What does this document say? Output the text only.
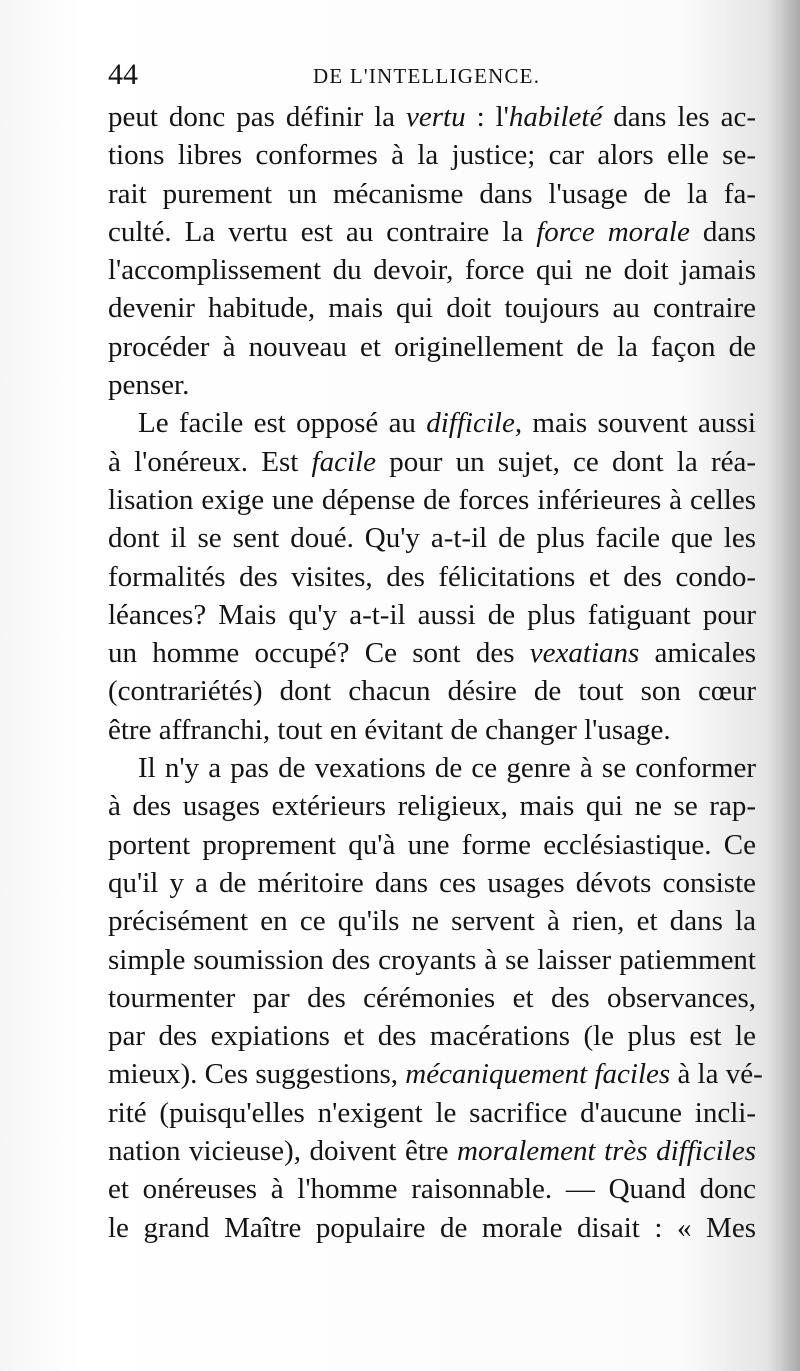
44	DE L'INTELLIGENCE.
peut donc pas définir la vertu : l'habileté dans les ac-
tions libres conformes à la justice; car alors elle se-
rait purement un mécanisme dans l'usage de la fa-
culté. La vertu est au contraire la force morale dans
l'accomplissement du devoir, force qui ne doit jamais
devenir habitude, mais qui doit toujours au contraire
procéder à nouveau et originellement de la façon de
penser.
Le facile est opposé au difficile, mais souvent aussi
à l'onéreux. Est facile pour un sujet, ce dont la réa-
lisation exige une dépense de forces inférieures à celles
dont il se sent doué. Qu'y a-t-il de plus facile que les
formalités des visites, des félicitations et des condo-
léances? Mais qu'y a-t-il aussi de plus fatiguant pour
un homme occupé? Ce sont des vexatians amicales
(contrariétés) dont chacun désire de tout son cœur
être affranchi, tout en évitant de changer l'usage.
Il n'y a pas de vexations de ce genre à se conformer
à des usages extérieurs religieux, mais qui ne se rap-
portent proprement qu'à une forme ecclésiastique. Ce
qu'il y a de méritoire dans ces usages dévots consiste
précisément en ce qu'ils ne servent à rien, et dans la
simple soumission des croyants à se laisser patiemment
tourmenter par des cérémonies et des observances,
par des expiations et des macérations (le plus est le
mieux). Ces suggestions, mécaniquement faciles à la vé-
rité (puisqu'elles n'exigent le sacrifice d'aucune incli-
nation vicieuse), doivent être moralement très difficiles
et onéreuses à l'homme raisonnable. — Quand donc
le grand Maître populaire de morale disait : « Mes
